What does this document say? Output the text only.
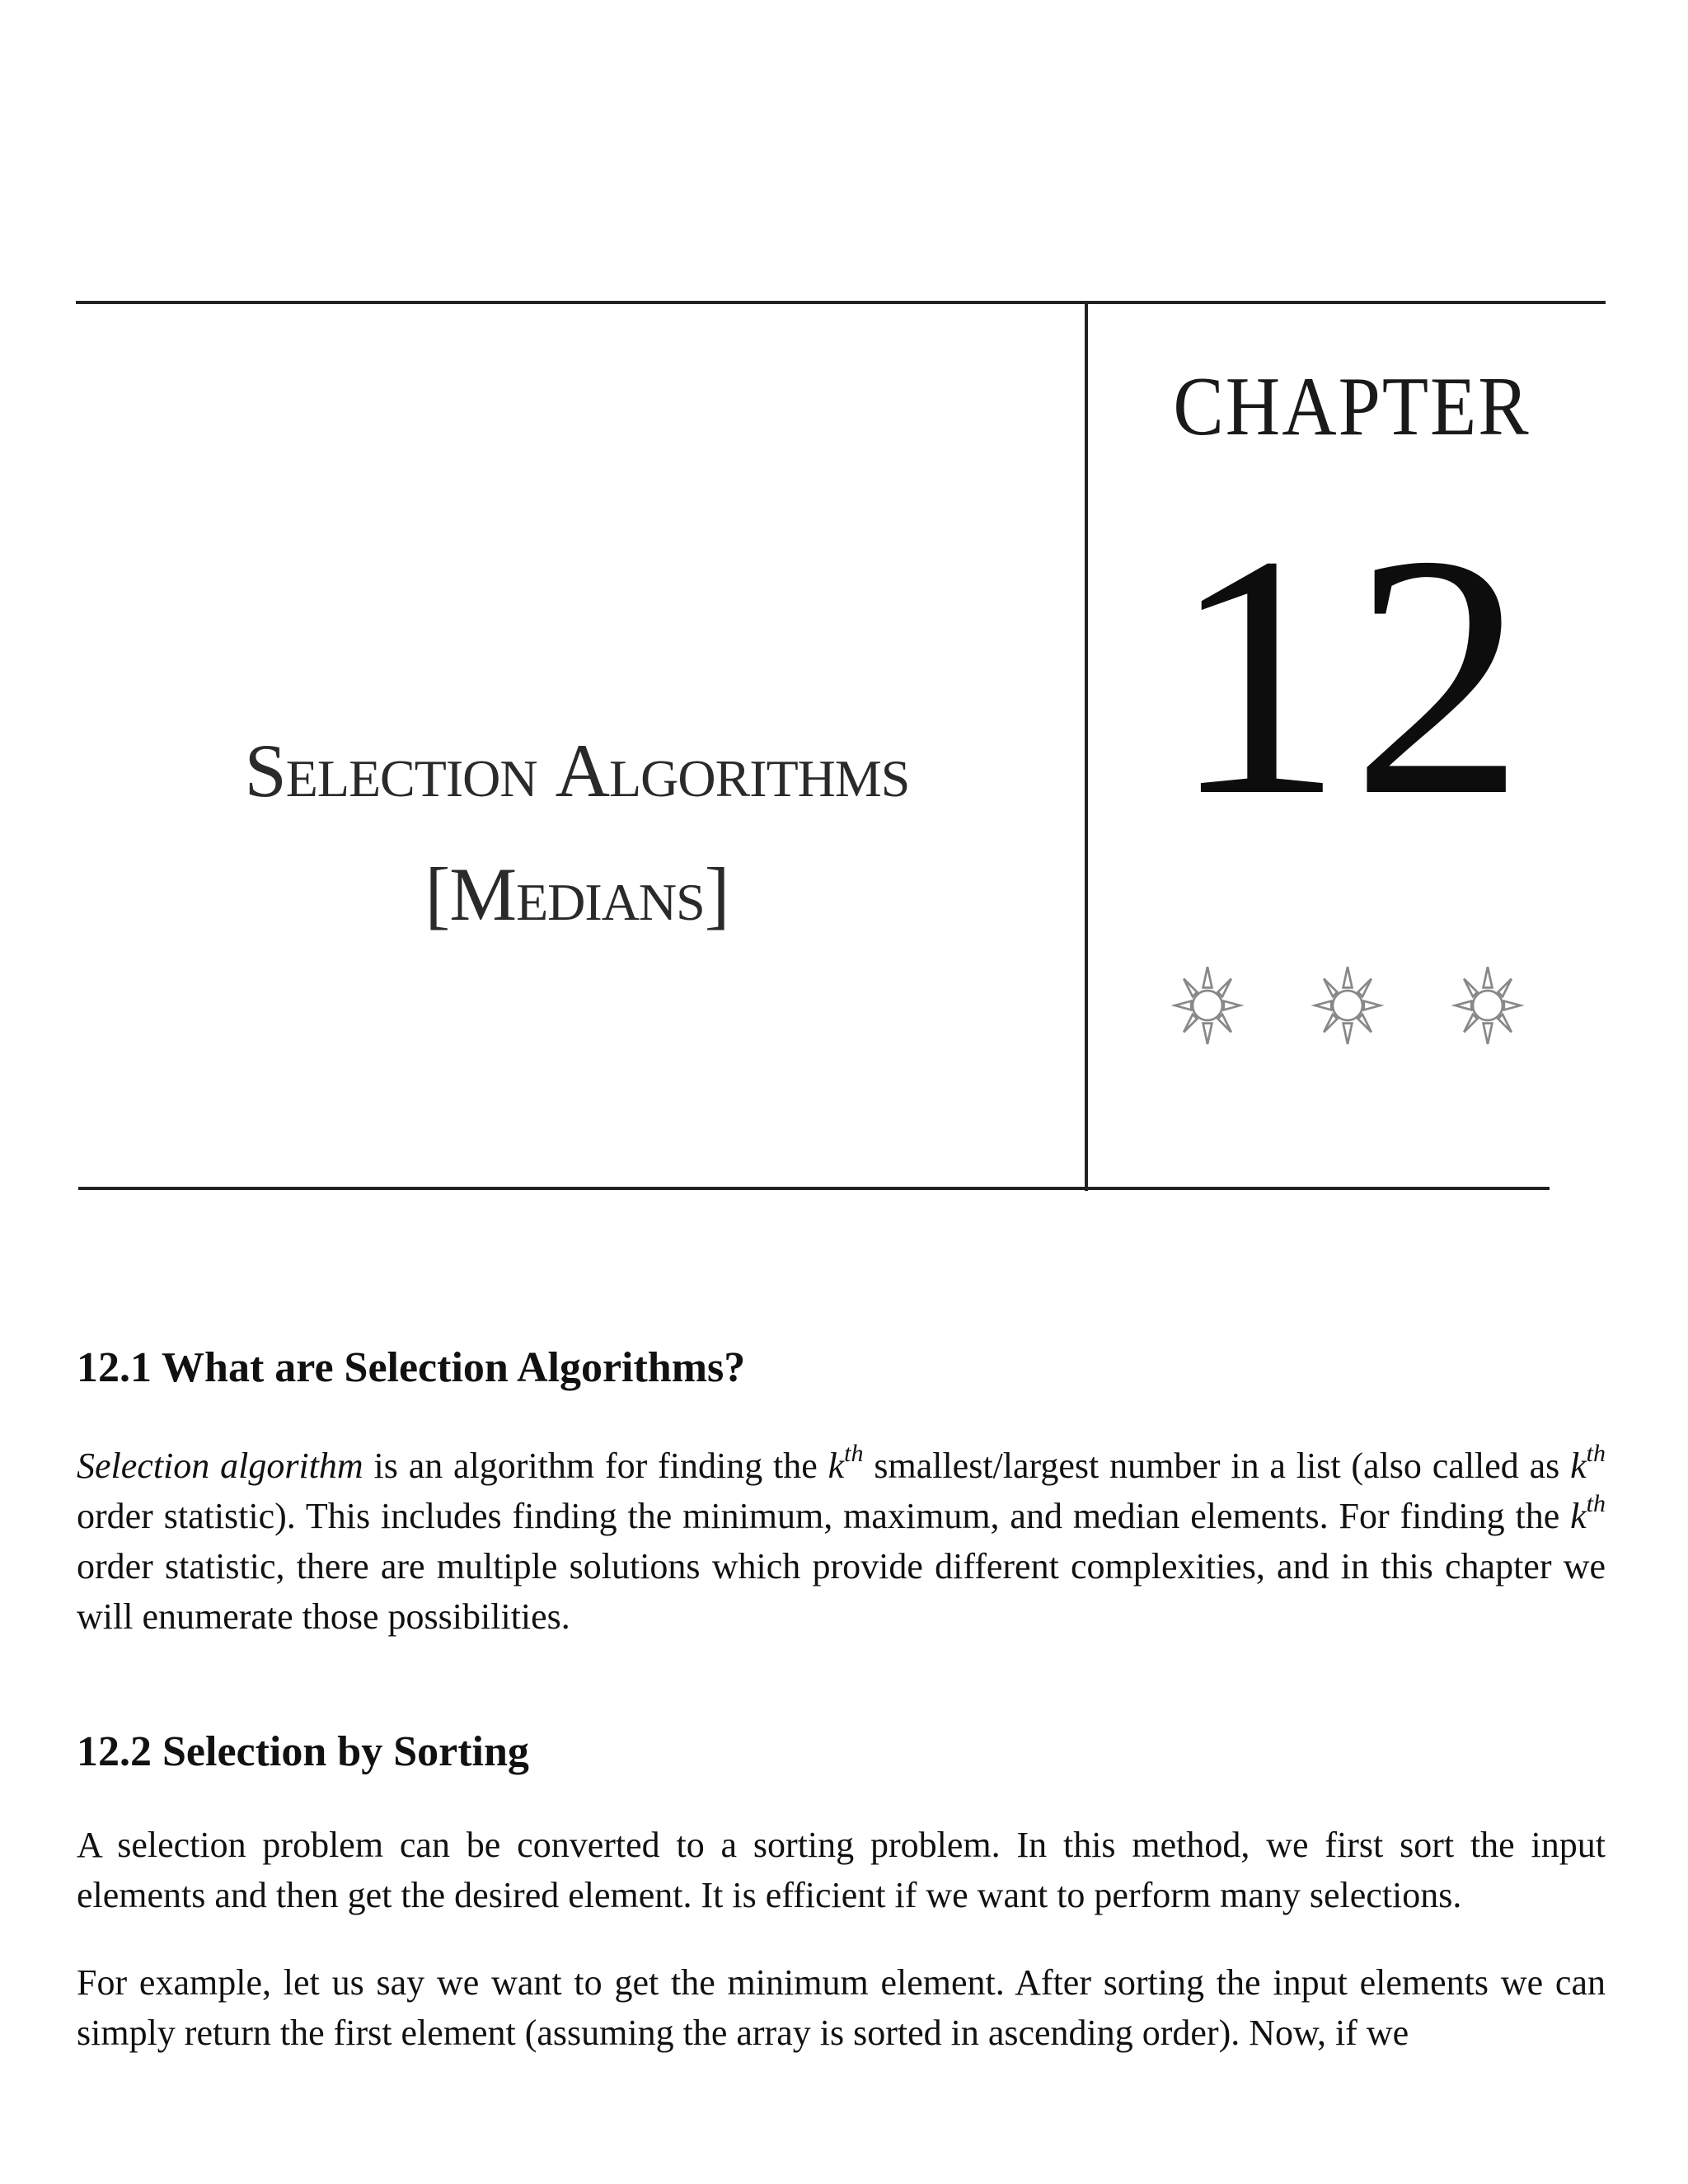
Selection Algorithms
[Medians]
CHAPTER
12
12.1 What are Selection Algorithms?

Selection algorithm is an algorithm for finding the $k^{th}$ smallest/largest number in a list (also called as $k^{th}$ order statistic). This includes finding the minimum, maximum, and median elements. For finding the $k^{th}$ order statistic, there are multiple solutions which provide different complexities, and in this chapter we will enumerate those possibilities.

12.2 Selection by Sorting

A selection problem can be converted to a sorting problem. In this method, we first sort the input elements and then get the desired element. It is efficient if we want to perform many selections.

For example, let us say we want to get the minimum element. After sorting the input elements we can simply return the first element (assuming the array is sorted in ascending order). Now, if we
